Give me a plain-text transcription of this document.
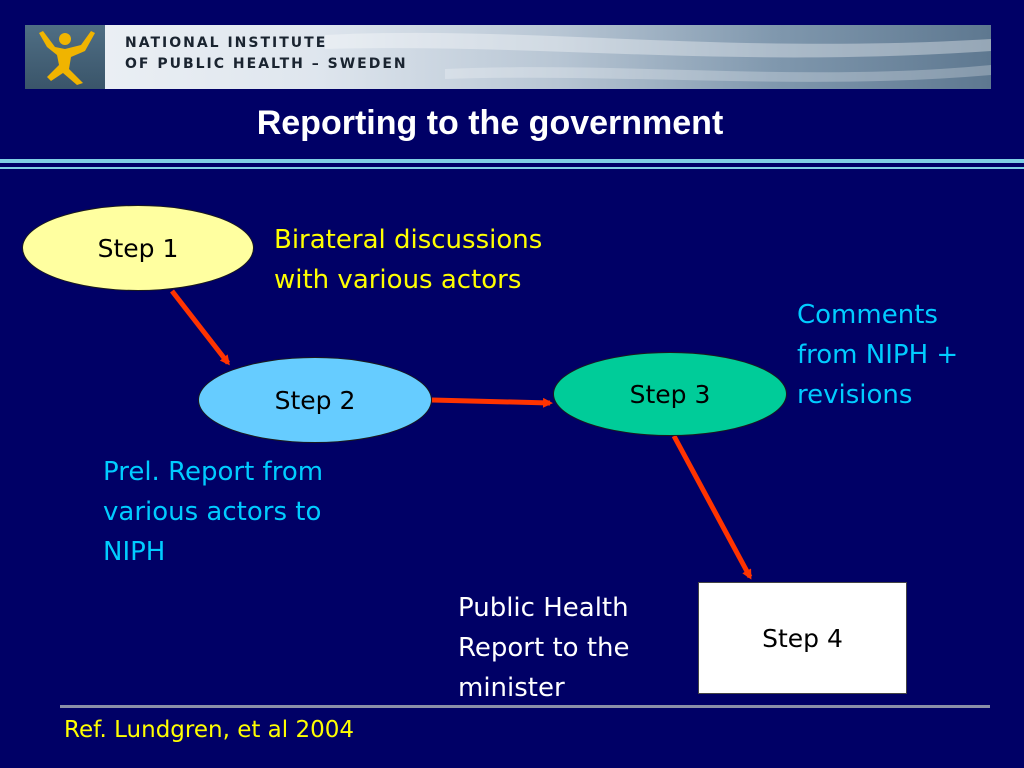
NATIONAL INSTITUTE
OF PUBLIC HEALTH – SWEDEN
Reporting to the government
Step 1
Step 2	Step 3
Step 4
Birateral discussions
with various actors
Prel. Report from
various actors to
NIPH
Comments
from NIPH +
revisions
Public Health
Report to the
minister
Ref. Lundgren, et al 2004
